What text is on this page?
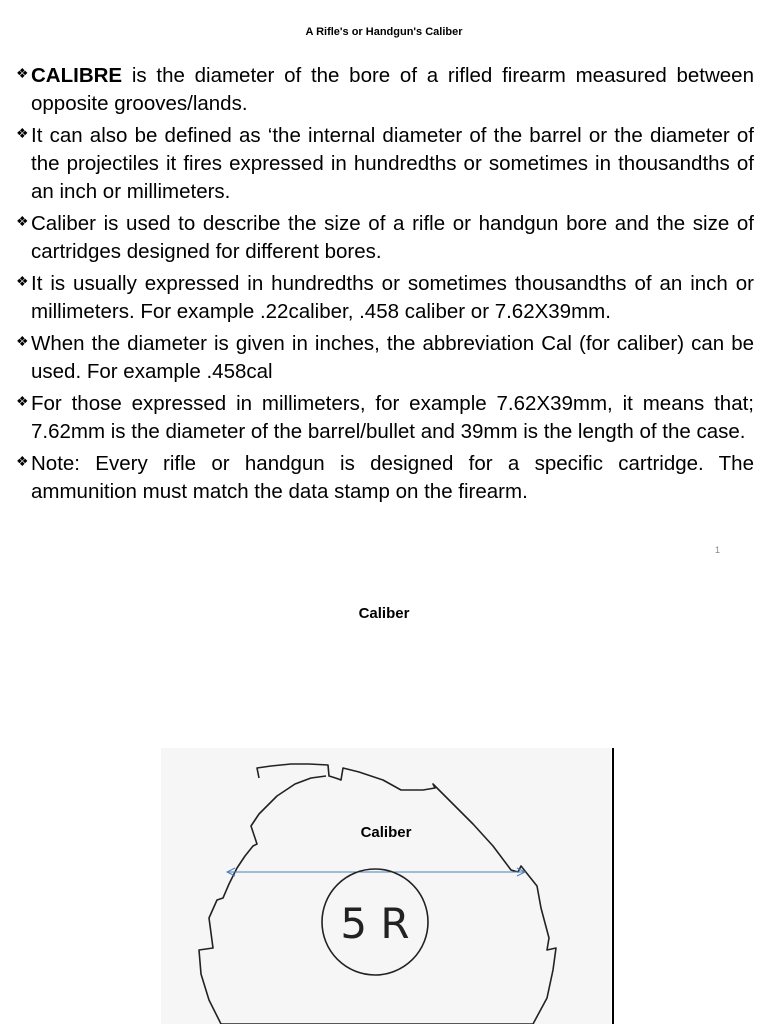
A Rifle's or Handgun's Caliber
❖ CALIBRE is the diameter of the bore of a rifled firearm measured between opposite grooves/lands.
❖ It can also be defined as ‘the internal diameter of the barrel or the diameter of the projectiles it fires expressed in hundredths or sometimes in thousandths of an inch or millimeters.
❖ Caliber is used to describe the size of a rifle or handgun bore and the size of cartridges designed for different bores.
❖ It is usually expressed in hundredths or sometimes thousandths of an inch or millimeters. For example .22caliber, .458 caliber or 7.62X39mm.
❖ When the diameter is given in inches, the abbreviation Cal (for caliber) can be used. For example .458cal
❖ For those expressed in millimeters, for example 7.62X39mm, it means that; 7.62mm is the diameter of the barrel/bullet and 39mm is the length of the case.
❖ Note: Every rifle or handgun is designed for a specific cartridge. The ammunition must match the data stamp on the firearm.
1
Caliber
5 R
Caliber
